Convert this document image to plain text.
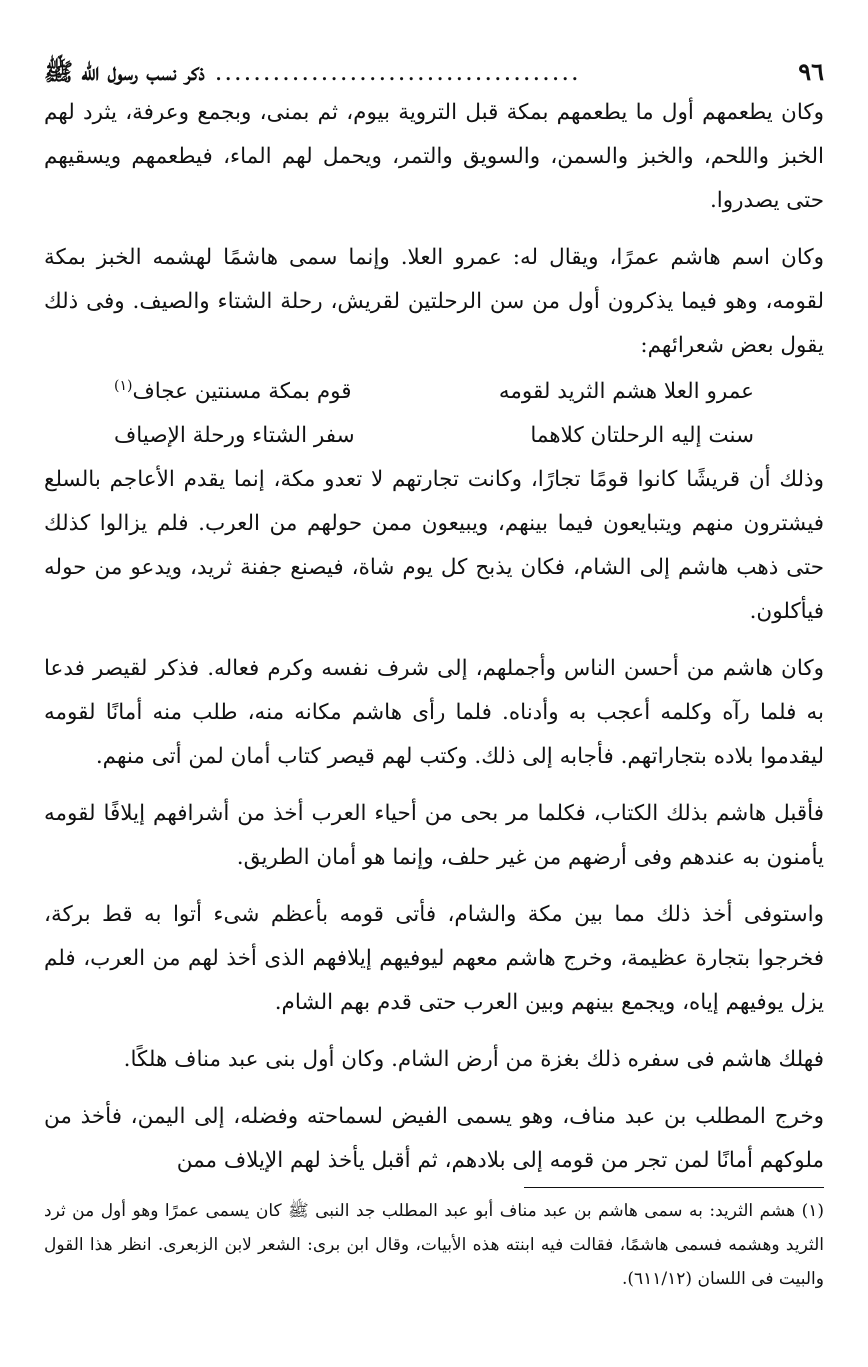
٩٦
......................................
ذكر نسب رسول الله ﷺ

وكان يطعمهم أول ما يطعمهم بمكة قبل التروية بيوم، ثم بمنى، وبجمع وعرفة، يثرد لهم الخبز واللحم، والخبز والسمن، والسويق والتمر، ويحمل لهم الماء، فيطعمهم ويسقيهم حتى يصدروا.

وكان اسم هاشم عمرًا، ويقال له: عمرو العلا. وإنما سمى هاشمًا لهشمه الخبز بمكة لقومه، وهو فيما يذكرون أول من سن الرحلتين لقريش، رحلة الشتاء والصيف. وفى ذلك يقول بعض شعرائهم:

عمرو العلا هشم الثريد لقومه
قوم بمكة مسنتين عجاف$^{(١)}$
سنت إليه الرحلتان كلاهما
سفر الشتاء ورحلة الإصياف

وذلك أن قريشًا كانوا قومًا تجارًا، وكانت تجارتهم لا تعدو مكة، إنما يقدم الأعاجم بالسلع فيشترون منهم ويتبايعون فيما بينهم، ويبيعون ممن حولهم من العرب. فلم يزالوا كذلك حتى ذهب هاشم إلى الشام، فكان يذبح كل يوم شاة، فيصنع جفنة ثريد، ويدعو من حوله فيأكلون.

وكان هاشم من أحسن الناس وأجملهم، إلى شرف نفسه وكرم فعاله. فذكر لقيصر فدعا به فلما رآه وكلمه أعجب به وأدناه. فلما رأى هاشم مكانه منه، طلب منه أمانًا لقومه ليقدموا بلاده بتجاراتهم. فأجابه إلى ذلك. وكتب لهم قيصر كتاب أمان لمن أتى منهم.

فأقبل هاشم بذلك الكتاب، فكلما مر بحى من أحياء العرب أخذ من أشرافهم إيلافًا لقومه يأمنون به عندهم وفى أرضهم من غير حلف، وإنما هو أمان الطريق.

واستوفى أخذ ذلك مما بين مكة والشام، فأتى قومه بأعظم شىء أتوا به قط بركة، فخرجوا بتجارة عظيمة، وخرج هاشم معهم ليوفيهم إيلافهم الذى أخذ لهم من العرب، فلم يزل يوفيهم إياه، ويجمع بينهم وبين العرب حتى قدم بهم الشام.

فهلك هاشم فى سفره ذلك بغزة من أرض الشام. وكان أول بنى عبد مناف هلكًا.

وخرج المطلب بن عبد مناف، وهو يسمى الفيض لسماحته وفضله، إلى اليمن، فأخذ من ملوكهم أمانًا لمن تجر من قومه إلى بلادهم، ثم أقبل يأخذ لهم الإيلاف ممن

(١) هشم الثريد: به سمى هاشم بن عبد مناف أبو عبد المطلب جد النبى ﷺ كان يسمى عمرًا وهو أول من ثرد الثريد وهشمه فسمى هاشمًا، فقالت فيه ابنته هذه الأبيات، وقال ابن برى: الشعر لابن الزبعرى. انظر هذا القول والبيت فى اللسان (٦١١/١٢).
